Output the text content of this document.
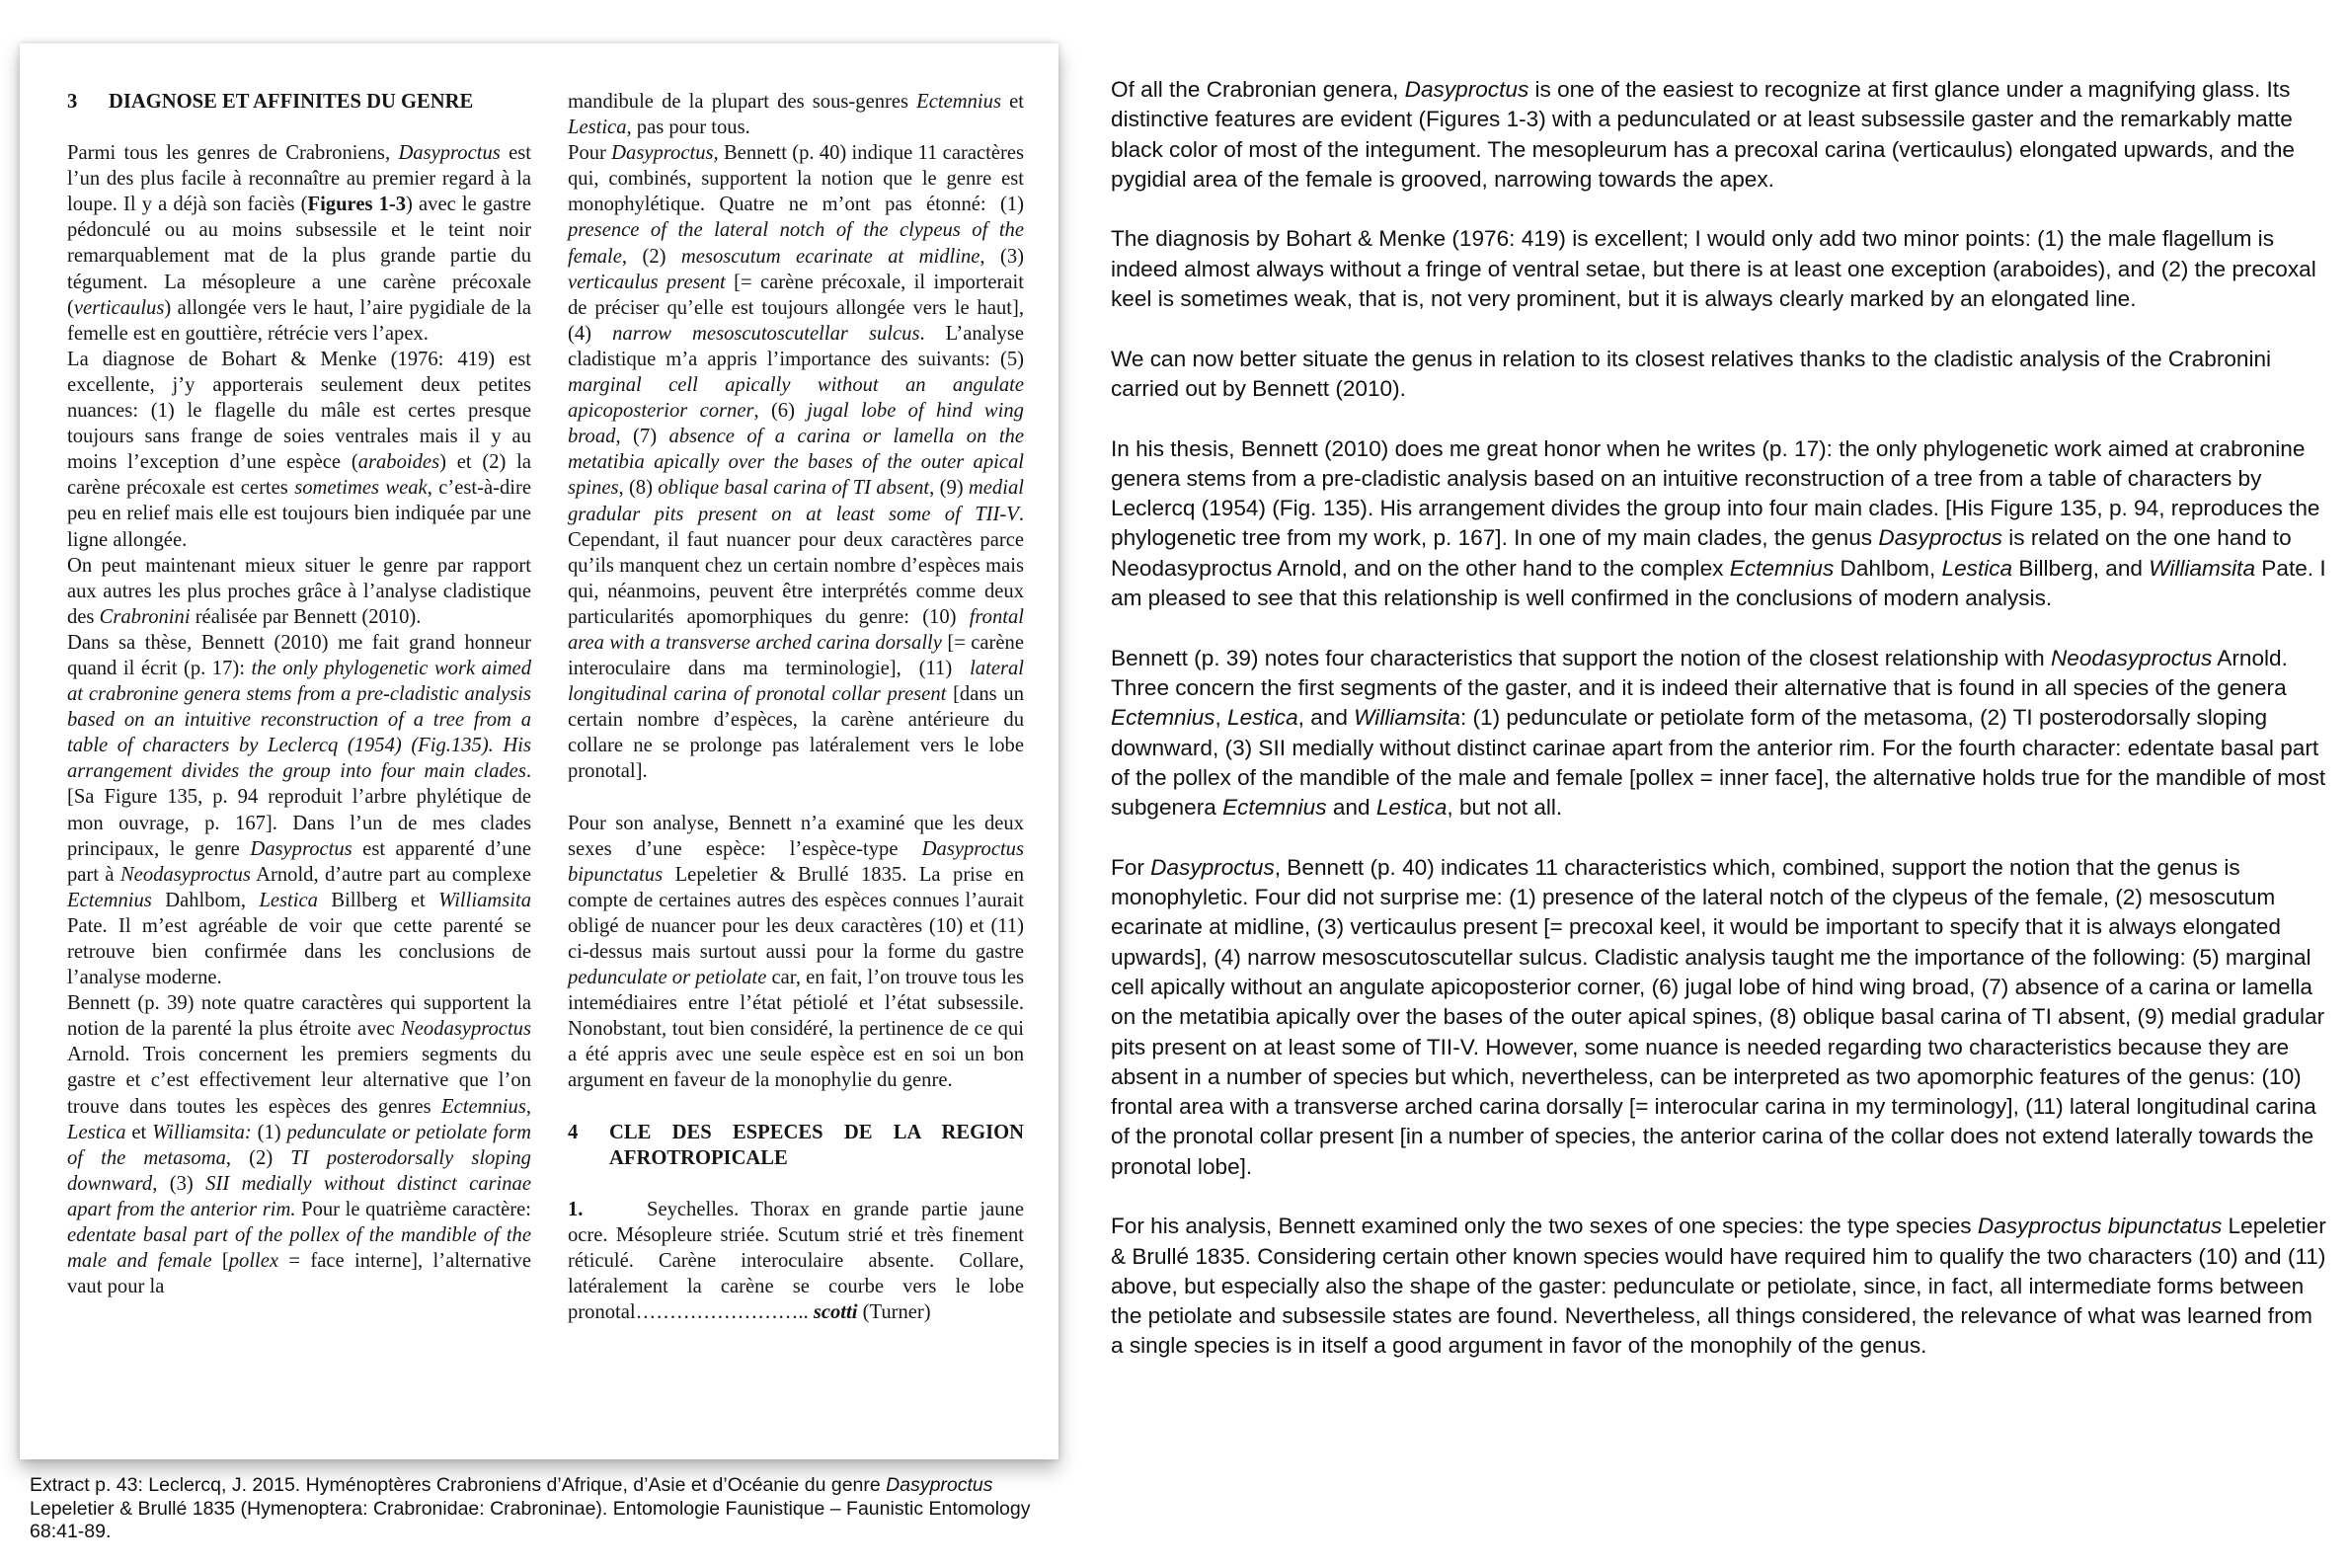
3	DIAGNOSE ET AFFINITES DU GENRE

Parmi tous les genres de Crabroniens, Dasyproctus est l’un des plus facile à reconnaître au premier regard à la loupe. Il y a déjà son faciès (Figures 1-3) avec le gastre pédonculé ou au moins subsessile et le teint noir remarquablement mat de la plus grande partie du tégument. La mésopleure a une carène précoxale (verticaulus) allongée vers le haut, l’aire pygidiale de la femelle est en gouttière, rétrécie vers l’apex.

La diagnose de Bohart & Menke (1976: 419) est excellente, j’y apporterais seulement deux petites nuances: (1) le flagelle du mâle est certes presque toujours sans frange de soies ventrales mais il y au moins l’exception d’une espèce (araboides) et (2) la carène précoxale est certes sometimes weak, c’est-à-dire peu en relief mais elle est toujours bien indiquée par une ligne allongée.

On peut maintenant mieux situer le genre par rapport aux autres les plus proches grâce à l’analyse cladistique des Crabronini réalisée par Bennett (2010).

Dans sa thèse, Bennett (2010) me fait grand honneur quand il écrit (p. 17): the only phylogenetic work aimed at crabronine genera stems from a pre-cladistic analysis based on an intuitive reconstruction of a tree from a table of characters by Leclercq (1954) (Fig.135). His arrangement divides the group into four main clades. [Sa Figure 135, p. 94 reproduit l’arbre phylétique de mon ouvrage, p. 167]. Dans l’un de mes clades principaux, le genre Dasyproctus est apparenté d’une part à Neodasyproctus Arnold, d’autre part au complexe Ectemnius Dahlbom, Lestica Billberg et Williamsita Pate. Il m’est agréable de voir que cette parenté se retrouve bien confirmée dans les conclusions de l’analyse moderne.

Bennett (p. 39) note quatre caractères qui supportent la notion de la parenté la plus étroite avec Neodasyproctus Arnold. Trois concernent les premiers segments du gastre et c’est effectivement leur alternative que l’on trouve dans toutes les espèces des genres Ectemnius, Lestica et Williamsita: (1) pedunculate or petiolate form of the metasoma, (2) TI posterodorsally sloping downward, (3) SII medially without distinct carinae apart from the anterior rim. Pour le quatrième caractère: edentate basal part of the pollex of the mandible of the male and female [pollex = face interne], l’alternative vaut pour la

mandibule de la plupart des sous-genres Ectemnius et Lestica, pas pour tous.

Pour Dasyproctus, Bennett (p. 40) indique 11 caractères qui, combinés, supportent la notion que le genre est monophylétique. Quatre ne m’ont pas étonné: (1) presence of the lateral notch of the clypeus of the female, (2) mesoscutum ecarinate at midline, (3) verticaulus present [= carène précoxale, il importerait de préciser qu’elle est toujours allongée vers le haut], (4) narrow mesoscutoscutellar sulcus. L’analyse cladistique m’a appris l’importance des suivants: (5) marginal cell apically without an angulate apicoposterior corner, (6) jugal lobe of hind wing broad, (7) absence of a carina or lamella on the metatibia apically over the bases of the outer apical spines, (8) oblique basal carina of TI absent, (9) medial gradular pits present on at least some of TII-V. Cependant, il faut nuancer pour deux caractères parce qu’ils manquent chez un certain nombre d’espèces mais qui, néanmoins, peuvent être interprétés comme deux particularités apomorphiques du genre: (10) frontal area with a transverse arched carina dorsally [= carène interoculaire dans ma terminologie], (11) lateral longitudinal carina of pronotal collar present [dans un certain nombre d’espèces, la carène antérieure du collare ne se prolonge pas latéralement vers le lobe pronotal].

Pour son analyse, Bennett n’a examiné que les deux sexes d’une espèce: l’espèce-type Dasyproctus bipunctatus Lepeletier & Brullé 1835. La prise en compte de certaines autres des espèces connues l’aurait obligé de nuancer pour les deux caractères (10) et (11) ci-dessus mais surtout aussi pour la forme du gastre pedunculate or petiolate car, en fait, l’on trouve tous les intemédiaires entre l’état pétiolé et l’état subsessile. Nonobstant, tout bien considéré, la pertinence de ce qui a été appris avec une seule espèce est en soi un bon argument en faveur de la monophylie du genre.

4	CLE DES ESPECES DE LA REGION AFROTROPICALE

1.	Seychelles. Thorax en grande partie jaune ocre. Mésopleure striée. Scutum strié et très finement réticulé. Carène interoculaire absente. Collare, latéralement la carène se courbe vers le lobe pronotal…………………….. scotti (Turner)

Extract p. 43: Leclercq, J. 2015. Hyménoptères Crabroniens d’Afrique, d’Asie et d’Océanie du genre Dasyproctus Lepeletier & Brullé 1835 (Hymenoptera: Crabronidae: Crabroninae). Entomologie Faunistique – Faunistic Entomology 68:41-89.

Of all the Crabronian genera, Dasyproctus is one of the easiest to recognize at first glance under a magnifying glass. Its distinctive features are evident (Figures 1-3) with a pedunculated or at least subsessile gaster and the remarkably matte black color of most of the integument. The mesopleurum has a precoxal carina (verticaulus) elongated upwards, and the pygidial area of the female is grooved, narrowing towards the apex.

The diagnosis by Bohart & Menke (1976: 419) is excellent; I would only add two minor points: (1) the male flagellum is indeed almost always without a fringe of ventral setae, but there is at least one exception (araboides), and (2) the precoxal keel is sometimes weak, that is, not very prominent, but it is always clearly marked by an elongated line.

We can now better situate the genus in relation to its closest relatives thanks to the cladistic analysis of the Crabronini carried out by Bennett (2010).

In his thesis, Bennett (2010) does me great honor when he writes (p. 17): the only phylogenetic work aimed at crabronine genera stems from a pre-cladistic analysis based on an intuitive reconstruction of a tree from a table of characters by Leclercq (1954) (Fig. 135). His arrangement divides the group into four main clades. [His Figure 135, p. 94, reproduces the phylogenetic tree from my work, p. 167]. In one of my main clades, the genus Dasyproctus is related on the one hand to Neodasyproctus Arnold, and on the other hand to the complex Ectemnius Dahlbom, Lestica Billberg, and Williamsita Pate. I am pleased to see that this relationship is well confirmed in the conclusions of modern analysis.

Bennett (p. 39) notes four characteristics that support the notion of the closest relationship with Neodasyproctus Arnold. Three concern the first segments of the gaster, and it is indeed their alternative that is found in all species of the genera Ectemnius, Lestica, and Williamsita: (1) pedunculate or petiolate form of the metasoma, (2) TI posterodorsally sloping downward, (3) SII medially without distinct carinae apart from the anterior rim. For the fourth character: edentate basal part of the pollex of the mandible of the male and female [pollex = inner face], the alternative holds true for the mandible of most subgenera Ectemnius and Lestica, but not all.

For Dasyproctus, Bennett (p. 40) indicates 11 characteristics which, combined, support the notion that the genus is monophyletic. Four did not surprise me: (1) presence of the lateral notch of the clypeus of the female, (2) mesoscutum ecarinate at midline, (3) verticaulus present [= precoxal keel, it would be important to specify that it is always elongated upwards], (4) narrow mesoscutoscutellar sulcus. Cladistic analysis taught me the importance of the following: (5) marginal cell apically without an angulate apicoposterior corner, (6) jugal lobe of hind wing broad, (7) absence of a carina or lamella on the metatibia apically over the bases of the outer apical spines, (8) oblique basal carina of TI absent, (9) medial gradular pits present on at least some of TII-V. However, some nuance is needed regarding two characteristics because they are absent in a number of species but which, nevertheless, can be interpreted as two apomorphic features of the genus: (10) frontal area with a transverse arched carina dorsally [= interocular carina in my terminology], (11) lateral longitudinal carina of the pronotal collar present [in a number of species, the anterior carina of the collar does not extend laterally towards the pronotal lobe].

For his analysis, Bennett examined only the two sexes of one species: the type species Dasyproctus bipunctatus Lepeletier & Brullé 1835. Considering certain other known species would have required him to qualify the two characters (10) and (11) above, but especially also the shape of the gaster: pedunculate or petiolate, since, in fact, all intermediate forms between the petiolate and subsessile states are found. Nevertheless, all things considered, the relevance of what was learned from a single species is in itself a good argument in favor of the monophily of the genus.
